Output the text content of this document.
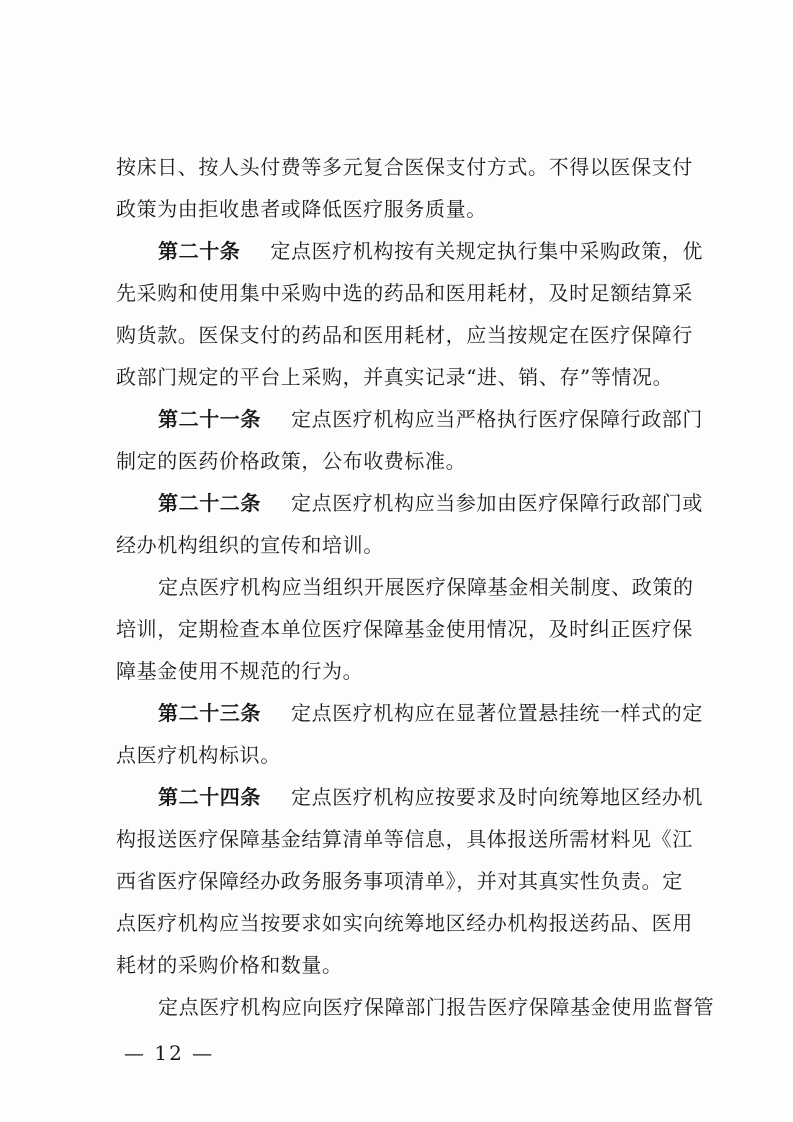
按床日、按人头付费等多元复合医保支付方式。不得以医保支付
政策为由拒收患者或降低医疗服务质量。
第二十条 定点医疗机构按有关规定执行集中采购政策，优
先采购和使用集中采购中选的药品和医用耗材，及时足额结算采
购货款。医保支付的药品和医用耗材，应当按规定在医疗保障行
政部门规定的平台上采购，并真实记录“进、销、存”等情况。
第二十一条 定点医疗机构应当严格执行医疗保障行政部门
制定的医药价格政策，公布收费标准。
第二十二条 定点医疗机构应当参加由医疗保障行政部门或
经办机构组织的宣传和培训。
定点医疗机构应当组织开展医疗保障基金相关制度、政策的
培训，定期检查本单位医疗保障基金使用情况，及时纠正医疗保
障基金使用不规范的行为。
第二十三条 定点医疗机构应在显著位置悬挂统一样式的定
点医疗机构标识。
第二十四条 定点医疗机构应按要求及时向统筹地区经办机
构报送医疗保障基金结算清单等信息，具体报送所需材料见《江
西省医疗保障经办政务服务事项清单》，并对其真实性负责。定
点医疗机构应当按要求如实向统筹地区经办机构报送药品、医用
耗材的采购价格和数量。
定点医疗机构应向医疗保障部门报告医疗保障基金使用监督管
— 12 —
